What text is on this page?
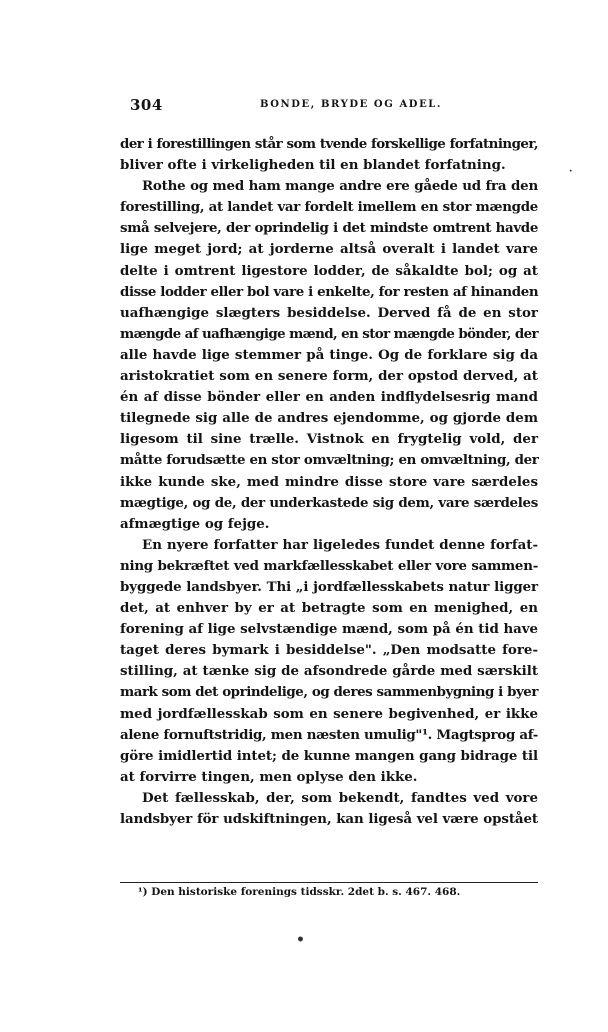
304	BONDE, BRYDE OG ADEL.
der i forestillingen står som tvende forskellige forfatninger,
bliver ofte i virkeligheden til en blandet forfatning.
Rothe og med ham mange andre ere gåede ud fra den
forestilling, at landet var fordelt imellem en stor mængde
små selvejere, der oprindelig i det mindste omtrent havde
lige meget jord; at jorderne altså overalt i landet vare
delte i omtrent ligestore lodder, de såkaldte bol; og at
disse lodder eller bol vare i enkelte, for resten af hinanden
uafhængige slægters besiddelse. Derved få de en stor
mængde af uafhængige mænd, en stor mængde bönder, der
alle havde lige stemmer på tinge. Og de forklare sig da
aristokratiet som en senere form, der opstod derved, at
én af disse bönder eller en anden indflydelsesrig mand
tilegnede sig alle de andres ejendomme, og gjorde dem
ligesom til sine trælle. Vistnok en frygtelig vold, der
måtte forudsætte en stor omvæltning; en omvæltning, der
ikke kunde ske, med mindre disse store vare særdeles
mægtige, og de, der underkastede sig dem, vare særdeles
afmægtige og fejge.
En nyere forfatter har ligeledes fundet denne forfat-
ning bekræftet ved markfællesskabet eller vore sammen-
byggede landsbyer. Thi „i jordfællesskabets natur ligger
det, at enhver by er at betragte som en menighed, en
forening af lige selvstændige mænd, som på én tid have
taget deres bymark i besiddelse". „Den modsatte fore-
stilling, at tænke sig de afsondrede gårde med særskilt
mark som det oprindelige, og deres sammenbygning i byer
med jordfællesskab som en senere begivenhed, er ikke
alene fornuftstridig, men næsten umulig"¹. Magtsprog af-
göre imidlertid intet; de kunne mangen gang bidrage til
at forvirre tingen, men oplyse den ikke.
Det fællesskab, der, som bekendt, fandtes ved vore
landsbyer för udskiftningen, kan ligeså vel være opstået
¹) Den historiske forenings tidsskr. 2det b. s. 467. 468.
·
•
